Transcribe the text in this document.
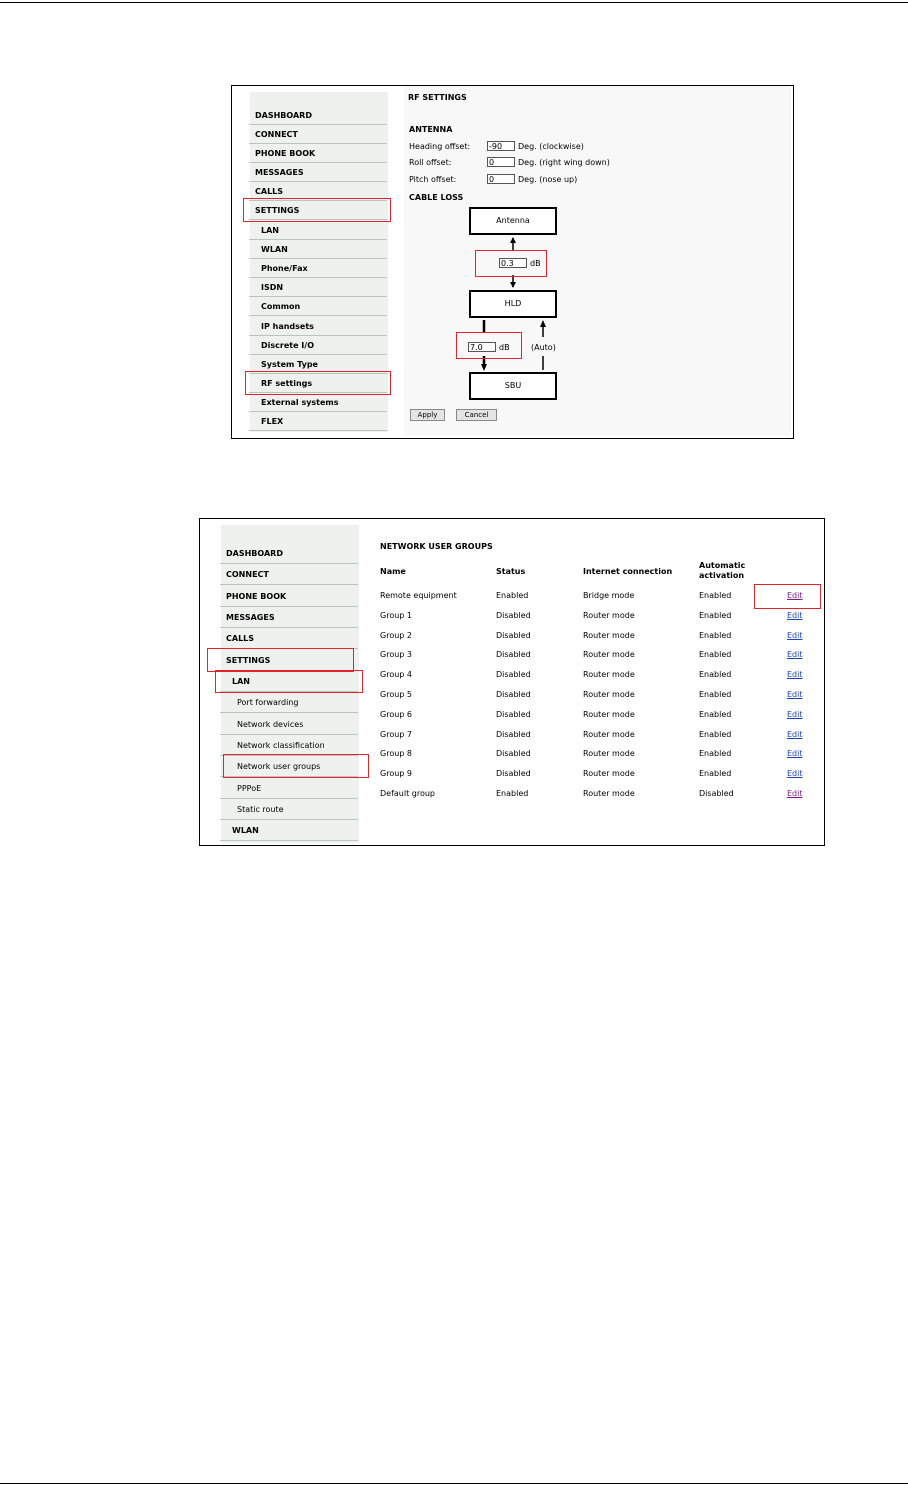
DASHBOARD
CONNECT
PHONE BOOK
MESSAGES
CALLS
SETTINGS
LAN
WLAN
Phone/Fax
ISDN
Common
IP handsets
Discrete I/O
System Type
RF settings
External systems
FLEX
RF SETTINGS
ANTENNA
Heading offset: -90	Deg. (clockwise)
Roll offset:	0	Deg. (right wing down)
Pitch offset:	0	Deg. (nose up)
CABLE LOSS
Antenna
0.3	dB
HLD
7.0	dB	(Auto)
SBU
Apply	Cancel
DASHBOARD
CONNECT
PHONE BOOK
MESSAGES
CALLS
SETTINGS
LAN
Port forwarding
Network devices
Network classification
Network user groups
PPPoE
Static route
WLAN
NETWORK USER GROUPS
Name	Status	Internet connection
Automatic
activation
Remote equipment	Enabled	Bridge mode	Enabled	Edit
Group 1	Disabled	Router mode	Enabled	Edit
Group 2	Disabled	Router mode	Enabled	Edit
Group 3	Disabled	Router mode	Enabled	Edit
Group 4	Disabled	Router mode	Enabled	Edit
Group 5	Disabled	Router mode	Enabled	Edit
Group 6	Disabled	Router mode	Enabled	Edit
Group 7	Disabled	Router mode	Enabled	Edit
Group 8	Disabled	Router mode	Enabled	Edit
Group 9	Disabled	Router mode	Enabled	Edit
Default group	Enabled	Router mode	Disabled	Edit
